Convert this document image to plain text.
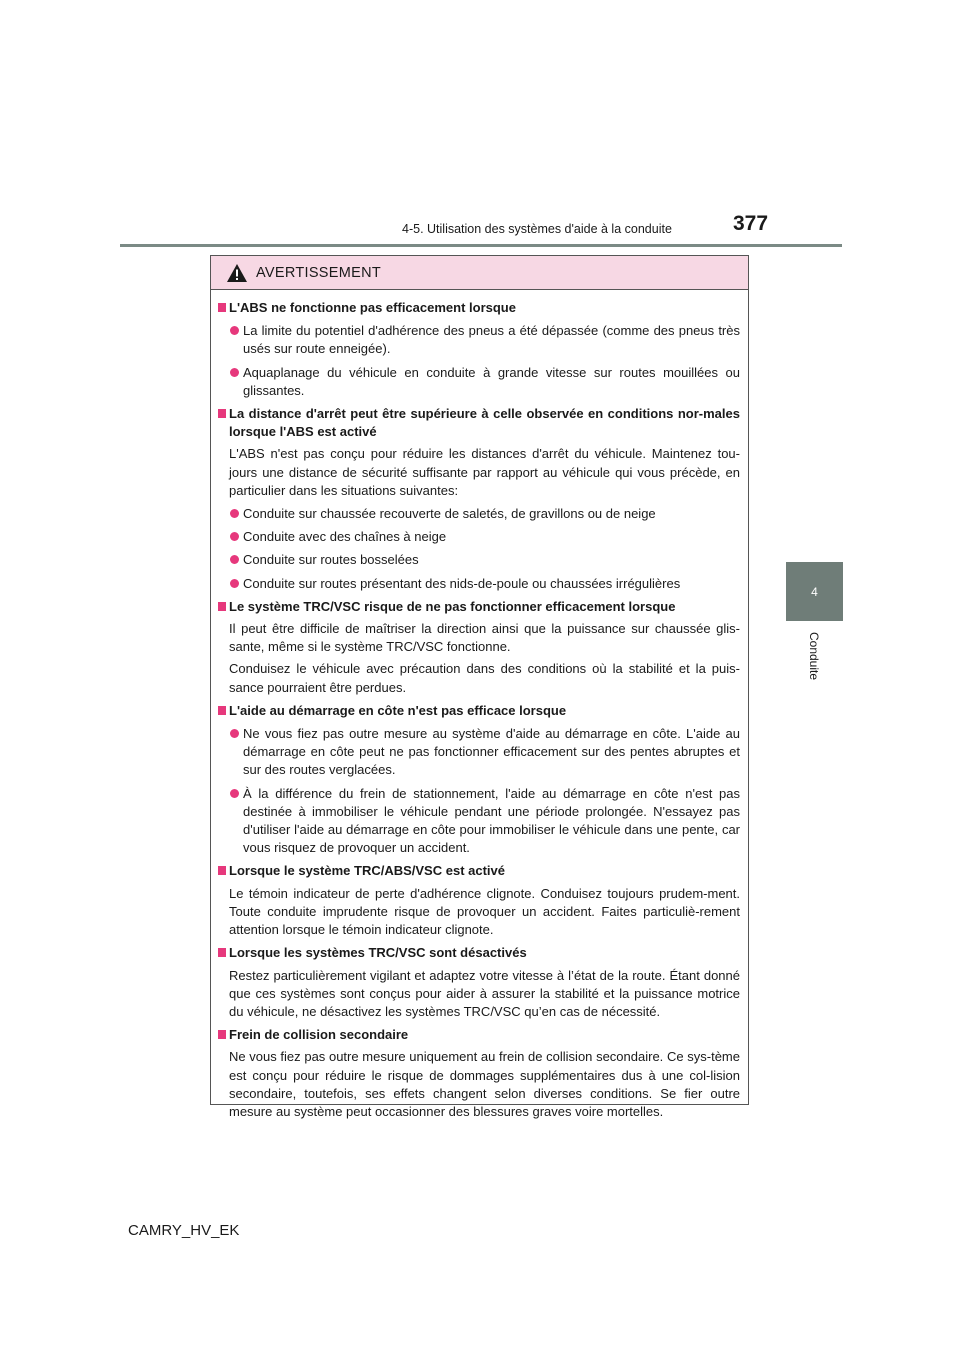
4-5. Utilisation des systèmes d'aide à la conduite	377
4
Conduite
AVERTISSEMENT
L'ABS ne fonctionne pas efficacement lorsque
La limite du potentiel d'adhérence des pneus a été dépassée (comme des pneus très usés sur route enneigée).
Aquaplanage du véhicule en conduite à grande vitesse sur routes mouillées ou glissantes.
La distance d'arrêt peut être supérieure à celle observée en conditions nor-males lorsque l'ABS est activé
L'ABS n'est pas conçu pour réduire les distances d'arrêt du véhicule. Maintenez tou-jours une distance de sécurité suffisante par rapport au véhicule qui vous précède, en particulier dans les situations suivantes:
Conduite sur chaussée recouverte de saletés, de gravillons ou de neige
Conduite avec des chaînes à neige
Conduite sur routes bosselées
Conduite sur routes présentant des nids-de-poule ou chaussées irrégulières
Le système TRC/VSC risque de ne pas fonctionner efficacement lorsque
Il peut être difficile de maîtriser la direction ainsi que la puissance sur chaussée glis-sante, même si le système TRC/VSC fonctionne.
Conduisez le véhicule avec précaution dans des conditions où la stabilité et la puis-sance pourraient être perdues.
L'aide au démarrage en côte n'est pas efficace lorsque
Ne vous fiez pas outre mesure au système d'aide au démarrage en côte. L'aide au démarrage en côte peut ne pas fonctionner efficacement sur des pentes abruptes et sur des routes verglacées.
À la différence du frein de stationnement, l'aide au démarrage en côte n'est pas destinée à immobiliser le véhicule pendant une période prolongée. N'essayez pas d'utiliser l'aide au démarrage en côte pour immobiliser le véhicule dans une pente, car vous risquez de provoquer un accident.
Lorsque le système TRC/ABS/VSC est activé
Le témoin indicateur de perte d'adhérence clignote. Conduisez toujours prudem-ment. Toute conduite imprudente risque de provoquer un accident. Faites particuliè-rement attention lorsque le témoin indicateur clignote.
Lorsque les systèmes TRC/VSC sont désactivés
Restez particulièrement vigilant et adaptez votre vitesse à l’état de la route. Étant donné que ces systèmes sont conçus pour aider à assurer la stabilité et la puissance motrice du véhicule, ne désactivez les systèmes TRC/VSC qu’en cas de nécessité.
Frein de collision secondaire
Ne vous fiez pas outre mesure uniquement au frein de collision secondaire. Ce sys-tème est conçu pour réduire le risque de dommages supplémentaires dus à une col-lision secondaire, toutefois, ses effets changent selon diverses conditions. Se fier outre mesure au système peut occasionner des blessures graves voire mortelles.
CAMRY_HV_EK
